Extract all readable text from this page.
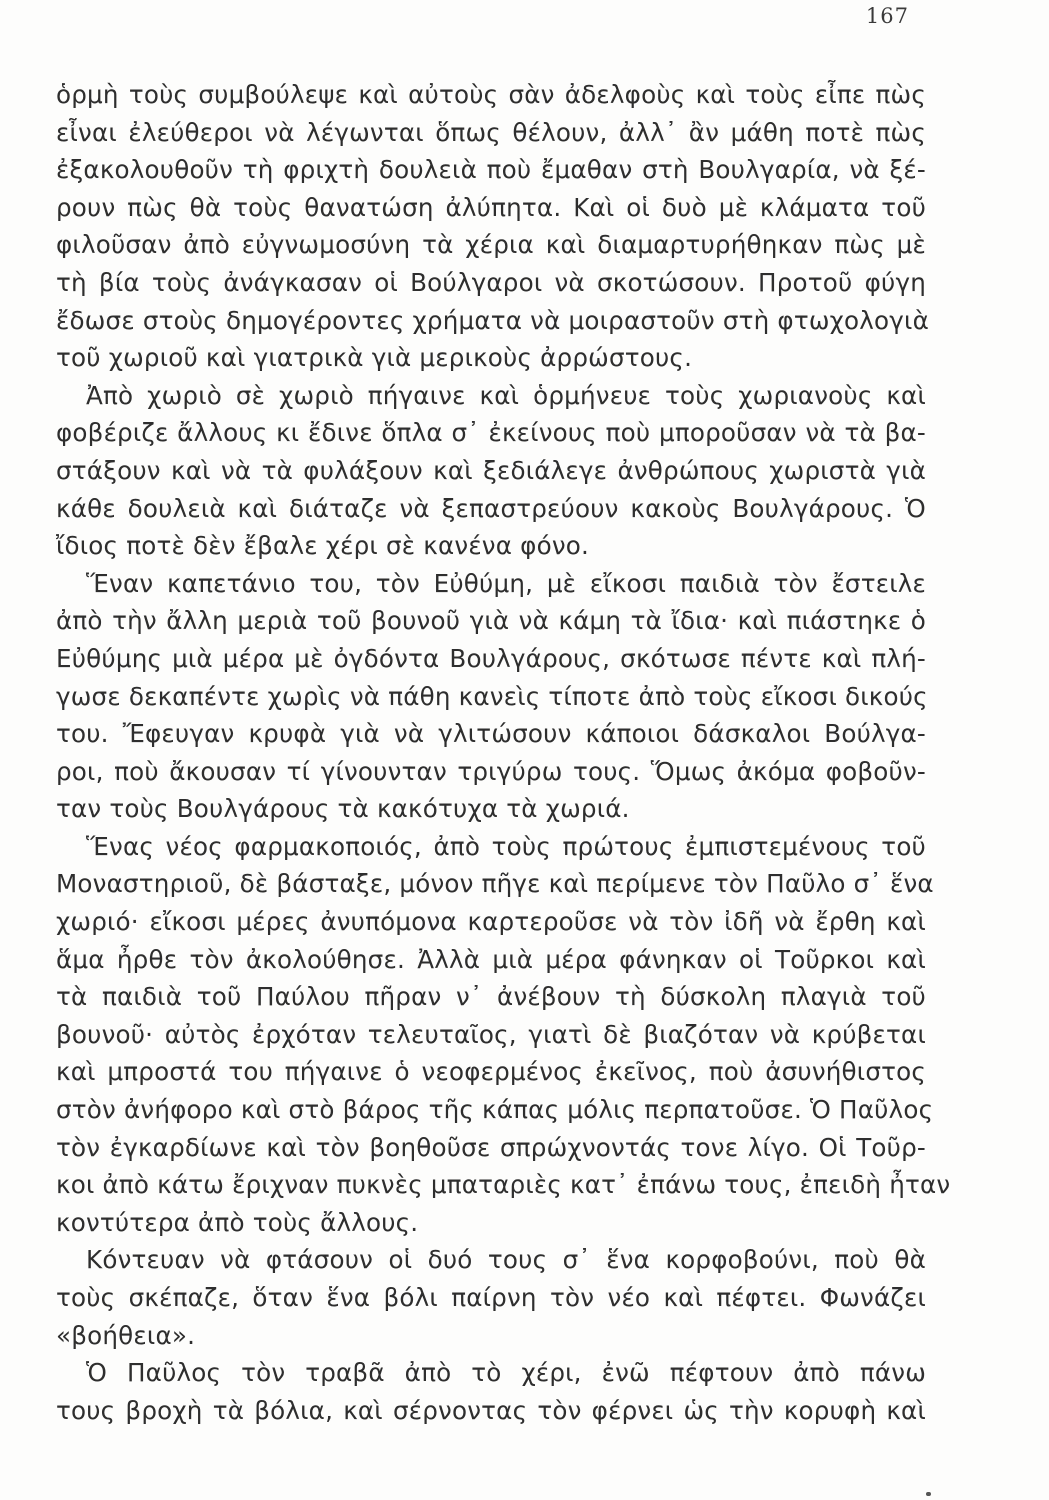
167
ὁρμὴ τοὺς συμβούλεψε καὶ αὐτοὺς σὰν ἀδελφοὺς καὶ τοὺς εἶπε πὼς
εἶναι ἐλεύθεροι νὰ λέγωνται ὅπως θέλουν, ἀλλ᾽ ἂν μάθη ποτὲ πὼς
ἐξακολουθοῦν τὴ φριχτὴ δουλειὰ ποὺ ἔμαθαν στὴ Βουλγαρία, νὰ ξέ-
ρουν πὼς θὰ τοὺς θανατώση ἀλύπητα. Καὶ οἱ δυὸ μὲ κλάματα τοῦ
φιλοῦσαν ἀπὸ εὐγνωμοσύνη τὰ χέρια καὶ διαμαρτυρήθηκαν πὼς μὲ
τὴ βία τοὺς ἀνάγκασαν οἱ Βούλγαροι νὰ σκοτώσουν. Προτοῦ φύγη
ἔδωσε στοὺς δημογέροντες χρήματα νὰ μοιραστοῦν στὴ φτωχολογιὰ
τοῦ χωριοῦ καὶ γιατρικὰ γιὰ μερικοὺς ἀρρώστους.
Ἀπὸ χωριὸ σὲ χωριὸ πήγαινε καὶ ὁρμήνευε τοὺς χωριανοὺς καὶ
φοβέριζε ἄλλους κι ἔδινε ὅπλα σ᾽ ἐκείνους ποὺ μποροῦσαν νὰ τὰ βα-
στάξουν καὶ νὰ τὰ φυλάξουν καὶ ξεδιάλεγε ἀνθρώπους χωριστὰ γιὰ
κάθε δουλειὰ καὶ διάταζε νὰ ξεπαστρεύουν κακοὺς Βουλγάρους. Ὁ
ἴδιος ποτὲ δὲν ἔβαλε χέρι σὲ κανένα φόνο.
Ἕναν καπετάνιο του, τὸν Εὐθύμη, μὲ εἴκοσι παιδιὰ τὸν ἔστειλε
ἀπὸ τὴν ἄλλη μεριὰ τοῦ βουνοῦ γιὰ νὰ κάμη τὰ ἴδια· καὶ πιάστηκε ὁ
Εὐθύμης μιὰ μέρα μὲ ὀγδόντα Βουλγάρους, σκότωσε πέντε καὶ πλή-
γωσε δεκαπέντε χωρὶς νὰ πάθη κανεὶς τίποτε ἀπὸ τοὺς εἴκοσι δικούς
του. Ἔφευγαν κρυφὰ γιὰ νὰ γλιτώσουν κάποιοι δάσκαλοι Βούλγα-
ροι, ποὺ ἄκουσαν τί γίνουνταν τριγύρω τους. Ὅμως ἀκόμα φοβοῦν-
ταν τοὺς Βουλγάρους τὰ κακότυχα τὰ χωριά.
Ἕνας νέος φαρμακοποιός, ἀπὸ τοὺς πρώτους ἐμπιστεμένους τοῦ
Μοναστηριοῦ, δὲ βάσταξε, μόνον πῆγε καὶ περίμενε τὸν Παῦλο σ᾽ ἕνα
χωριό· εἴκοσι μέρες ἀνυπόμονα καρτεροῦσε νὰ τὸν ἰδῆ νὰ ἔρθη καὶ
ἅμα ἦρθε τὸν ἀκολούθησε. Ἀλλὰ μιὰ μέρα φάνηκαν οἱ Τοῦρκοι καὶ
τὰ παιδιὰ τοῦ Παύλου πῆραν ν᾽ ἀνέβουν τὴ δύσκολη πλαγιὰ τοῦ
βουνοῦ· αὐτὸς ἐρχόταν τελευταῖος, γιατὶ δὲ βιαζόταν νὰ κρύβεται
καὶ μπροστά του πήγαινε ὁ νεοφερμένος ἐκεῖνος, ποὺ ἀσυνήθιστος
στὸν ἀνήφορο καὶ στὸ βάρος τῆς κάπας μόλις περπατοῦσε. Ὁ Παῦλος
τὸν ἐγκαρδίωνε καὶ τὸν βοηθοῦσε σπρώχνοντάς τονε λίγο. Οἱ Τοῦρ-
κοι ἀπὸ κάτω ἔριχναν πυκνὲς μπαταριὲς κατ᾽ ἐπάνω τους, ἐπειδὴ ἦταν
κοντύτερα ἀπὸ τοὺς ἄλλους.
Κόντευαν νὰ φτάσουν οἱ δυό τους σ᾽ ἕνα κορφοβούνι, ποὺ θὰ
τοὺς σκέπαζε, ὅταν ἕνα βόλι παίρνη τὸν νέο καὶ πέφτει. Φωνάζει
«βοήθεια».
Ὁ Παῦλος τὸν τραβᾶ ἀπὸ τὸ χέρι, ἐνῶ πέφτουν ἀπὸ πάνω
τους βροχὴ τὰ βόλια, καὶ σέρνοντας τὸν φέρνει ὡς τὴν κορυφὴ καὶ
